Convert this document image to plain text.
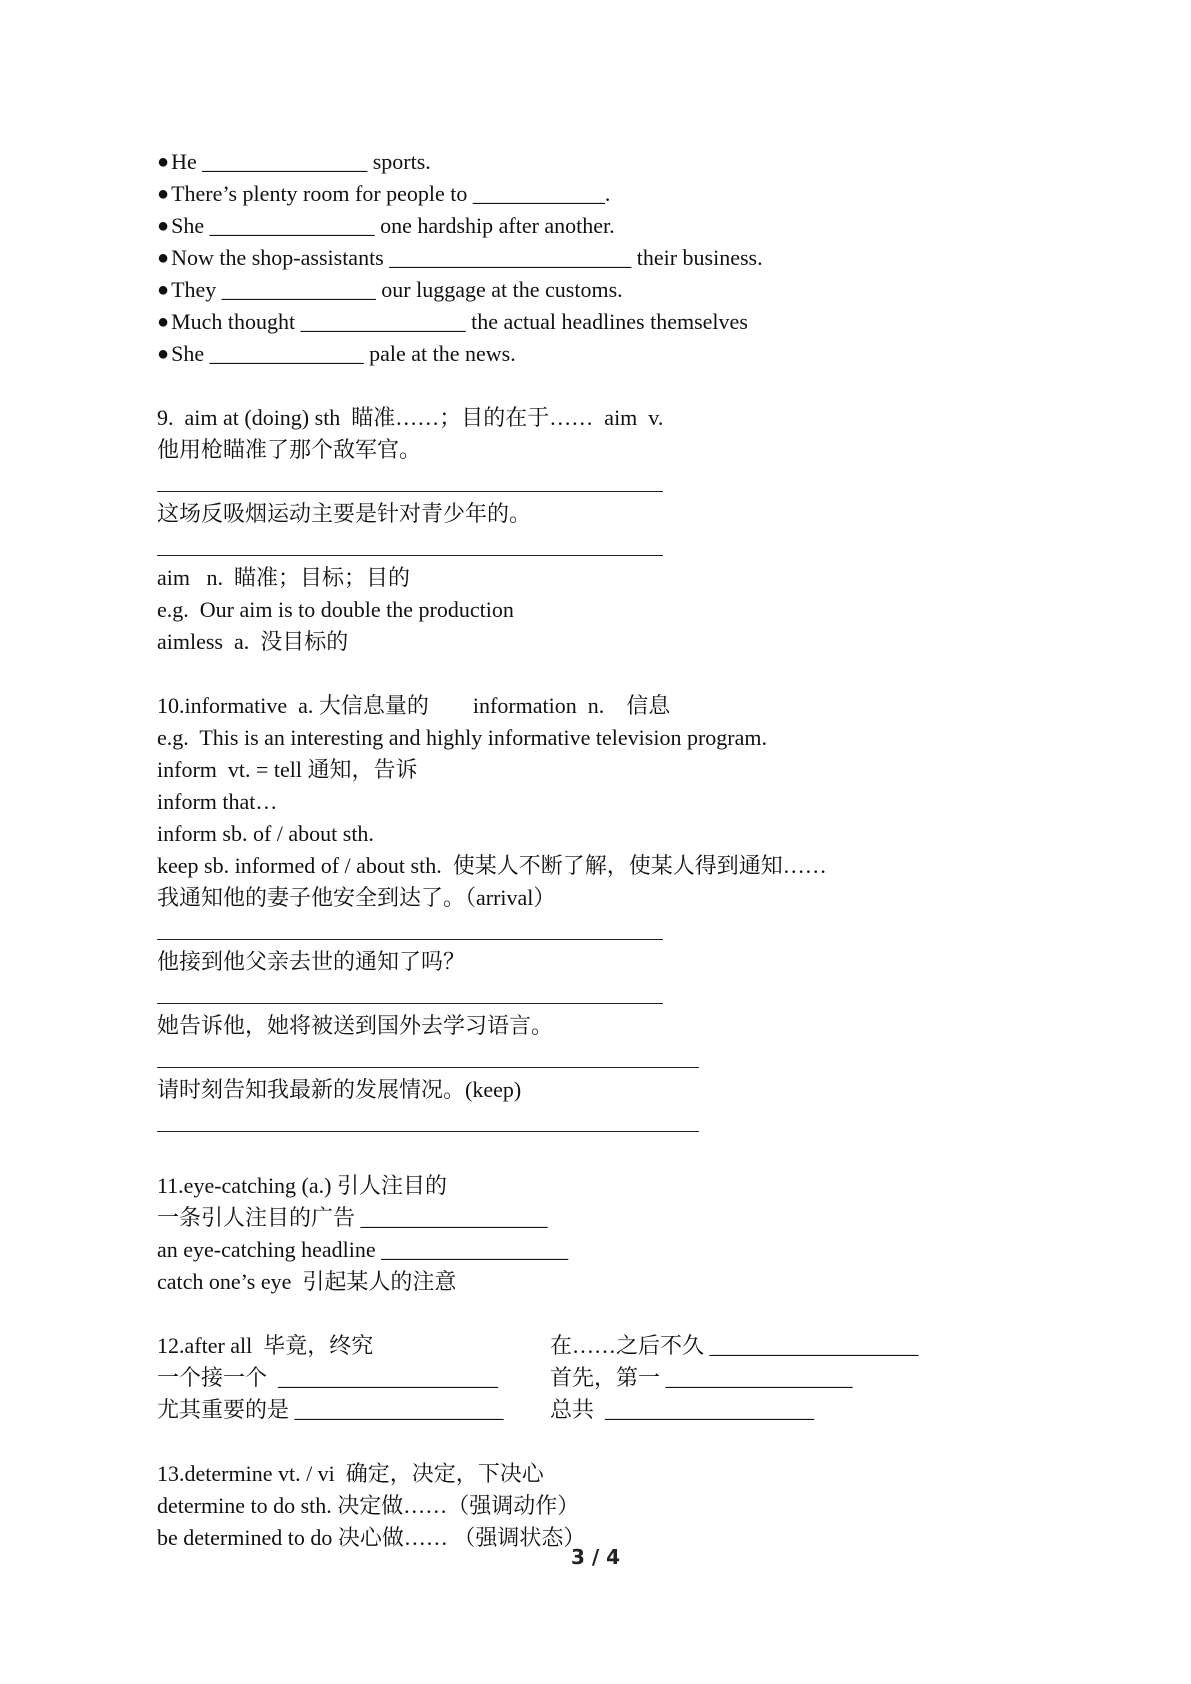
● He _______________ sports.
● There’s plenty room for people to ____________.
● She _______________ one hardship after another.
● Now the shop-assistants ______________________ their business.
● They ______________ our luggage at the customs.
● Much thought _______________ the actual headlines themselves
● She ______________ pale at the news.
9.  aim at (doing) sth  瞄准……；目的在于……  aim  v.
他用枪瞄准了那个敌军官。
这场反吸烟运动主要是针对青少年的。
aim   n.  瞄准；目标；目的
e.g.  Our aim is to double the production
aimless  a.  没目标的
10.informative  a. 大信息量的        information  n.    信息
e.g.  This is an interesting and highly informative television program.
inform  vt. = tell 通知，告诉
inform that…
inform sb. of / about sth.
keep sb. informed of / about sth.  使某人不断了解，使某人得到通知……
我通知他的妻子他安全到达了。（arrival）
他接到他父亲去世的通知了吗？
她告诉他，她将被送到国外去学习语言。
请时刻告知我最新的发展情况。(keep)
11.eye-catching (a.) 引人注目的
一条引人注目的广告 _________________
an eye-catching headline _________________
catch one’s eye  引起某人的注意

12.after all  毕竟，终究

	在……之后不久 ___________________

一个接一个  ____________________

首先，第一 _________________

尤其重要的是 ___________________

总共  ___________________

13.determine vt. / vi  确定，决定，下决心
determine to do sth. 决定做……（强调动作）
be determined to do 决心做…… （强调状态）
3 / 4
